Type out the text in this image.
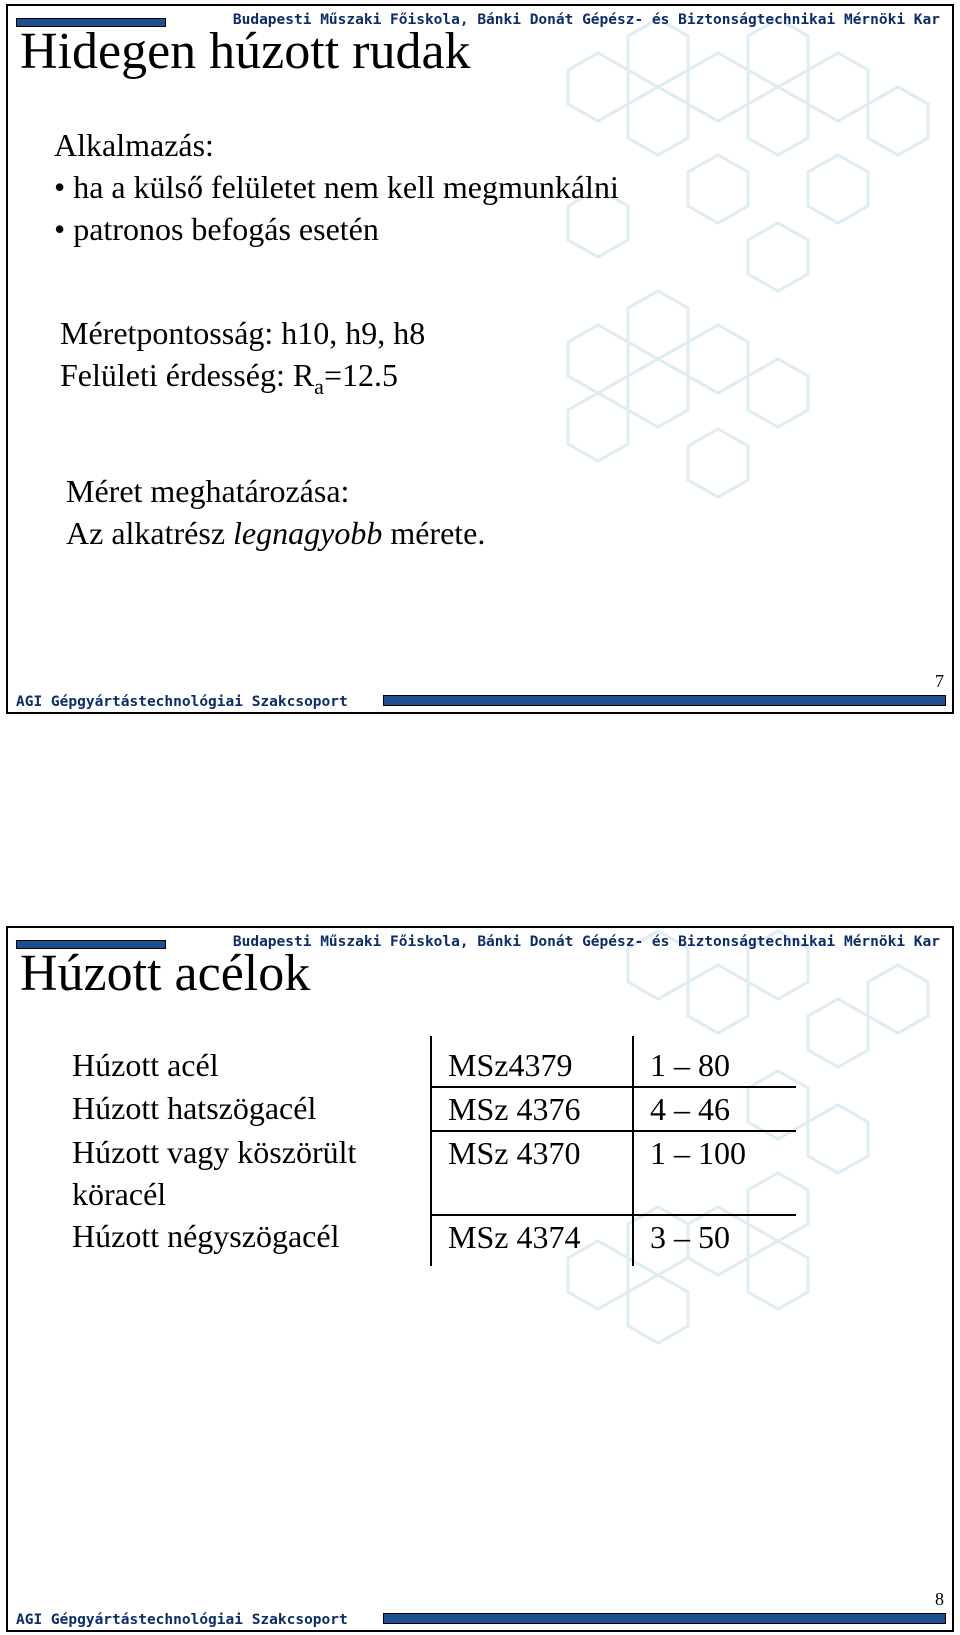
Budapesti Műszaki Főiskola, Bánki Donát Gépész- és Biztonságtechnikai Mérnöki Kar
Hidegen húzott rudak
Alkalmazás:
• ha a külső felületet nem kell megmunkálni
• patronos befogás esetén
Méretpontosság: h10, h9, h8
Felületi érdesség: $R_a=12.5$
Méret meghatározása:
Az alkatrész legnagyobb mérete.
7
AGI Gépgyártástechnológiai Szakcsoport
Budapesti Műszaki Főiskola, Bánki Donát Gépész- és Biztonságtechnikai Mérnöki Kar
Húzott acélok
Húzott acél	MSz4379	1 – 80
Húzott hatszögacél	MSz 4376	4 – 46
Húzott vagy köszörült köracél	MSz 4370	1 – 100
Húzott négyszögacél	MSz 4374	3 – 50
8
AGI Gépgyártástechnológiai Szakcsoport
